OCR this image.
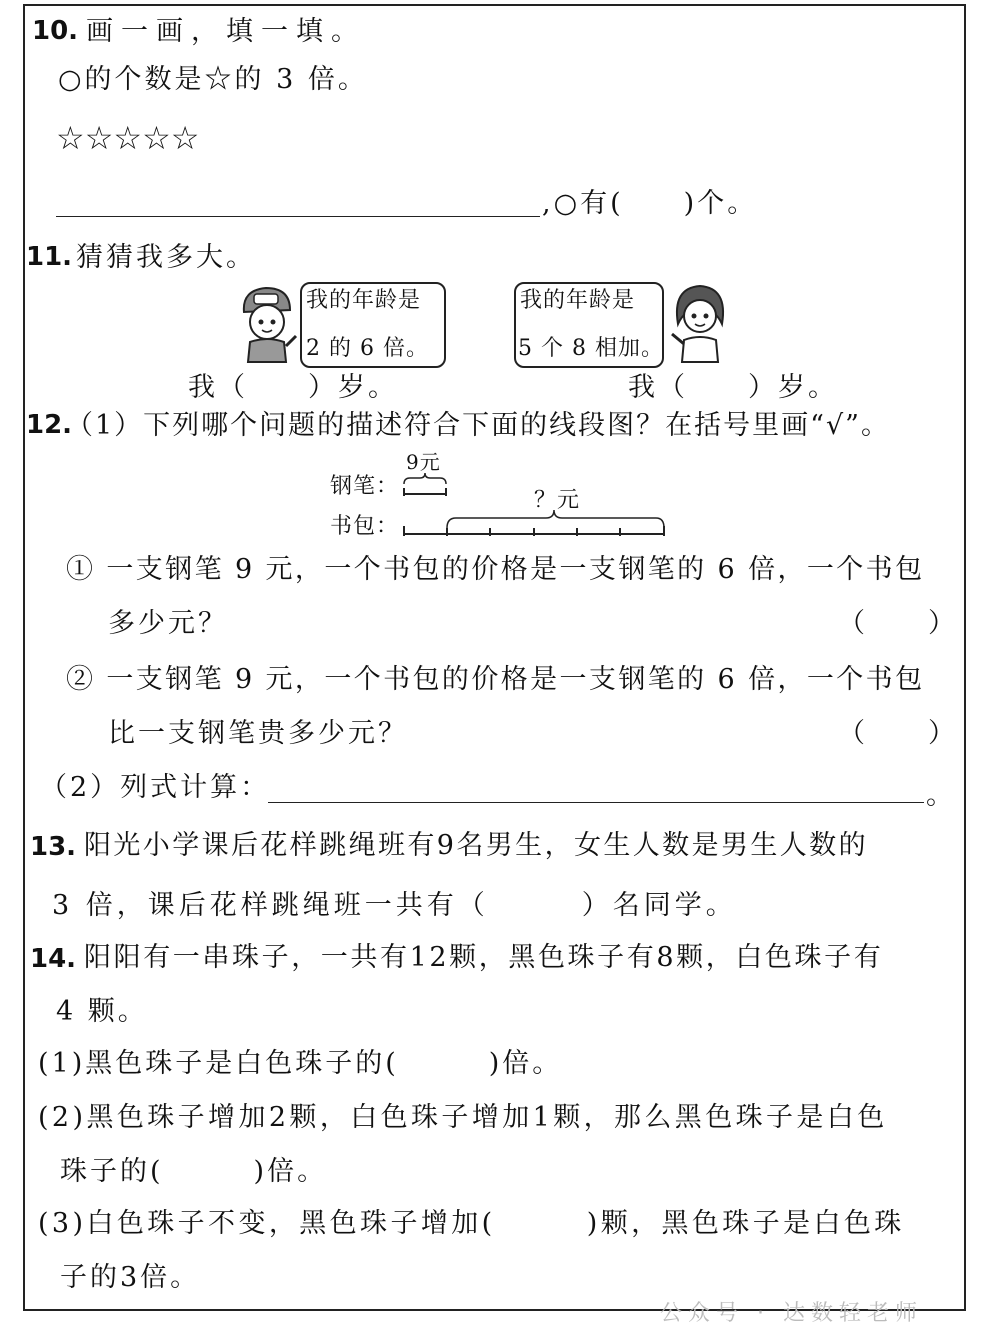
10. 画一画，填一填。
○的个数是☆的 3 倍。
☆☆☆☆☆
,○有(　　)个。
11. 猜猜我多大。
我的年龄是
2 的 6 倍。
我的年龄是
5 个 8 相加。
我（　　）岁。	我（　　）岁。
12.
（1）下列哪个问题的描述符合下面的线段图？在括号里画“√”。
钢笔：
9元
书包：
？元
① 一支钢笔 9 元，一个书包的价格是一支钢笔的 6 倍，一个书包
多少元？	（　　）
② 一支钢笔 9 元，一个书包的价格是一支钢笔的 6 倍，一个书包
比一支钢笔贵多少元？	（　　）
（2）列式计算：	。
13. 阳光小学课后花样跳绳班有9名男生，女生人数是男生人数的
3 倍，课后花样跳绳班一共有（　　　）名同学。
14. 阳阳有一串珠子，一共有12颗，黑色珠子有8颗，白色珠子有
4 颗。
(1)黑色珠子是白色珠子的(　　　)倍。
(2)黑色珠子增加2颗，白色珠子增加1颗，那么黑色珠子是白色
珠子的(　　　)倍。
(3)白色珠子不变，黑色珠子增加(　　　)颗，黑色珠子是白色珠
子的3倍。
公众号 · 达数轻老师
